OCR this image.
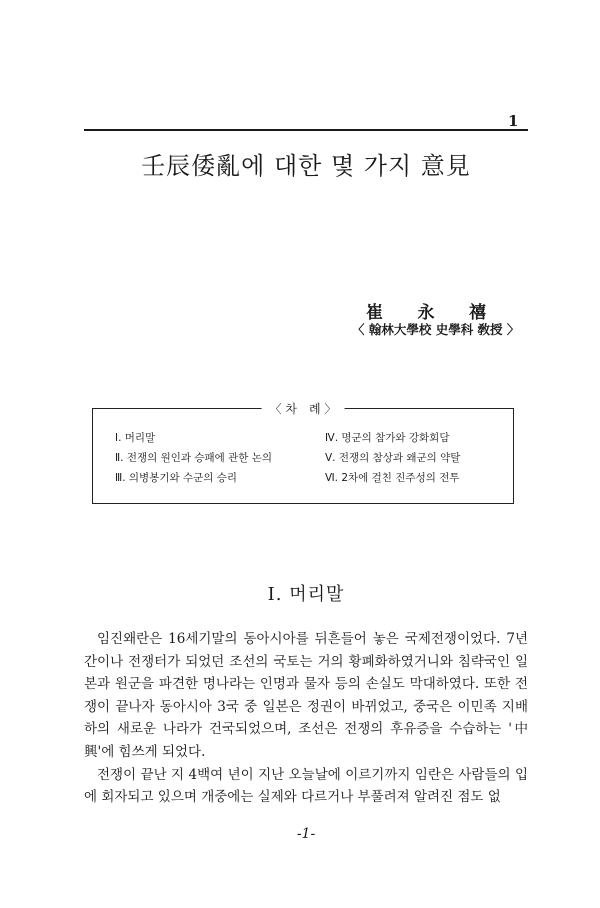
1
壬辰倭亂에 대한 몇 가지 意見
崔 永 禧
〈 翰林大學校 史學科 敎授 〉
〈 차　례 〉
Ⅰ. 머리말	Ⅳ. 명군의 참가와 강화회담
Ⅱ. 전쟁의 원인과 승패에 관한 논의	Ⅴ. 전쟁의 참상과 왜군의 약탈
Ⅲ. 의병봉기와 수군의 승리	Ⅵ. 2차에 걸친 진주성의 전투
Ⅰ. 머리말

임진왜란은 16세기말의 동아시아를 뒤흔들어 놓은 국제전쟁이었다. 7년간이나 전쟁터가 되었던 조선의 국토는 거의 황폐화하였거니와 침략국인 일본과 원군을 파견한 명나라는 인명과 물자 등의 손실도 막대하였다. 또한 전쟁이 끝나자 동아시아 3국 중 일본은 정권이 바뀌었고, 중국은 이민족 지배하의 새로운 나라가 건국되었으며, 조선은 전쟁의 후유증을 수습하는 '中興'에 힘쓰게 되었다.

전쟁이 끝난 지 4백여 년이 지난 오늘날에 이르기까지 임란은 사람들의 입에 회자되고 있으며 개중에는 실제와 다르거나 부풀려져 알려진 점도 없

-1-
